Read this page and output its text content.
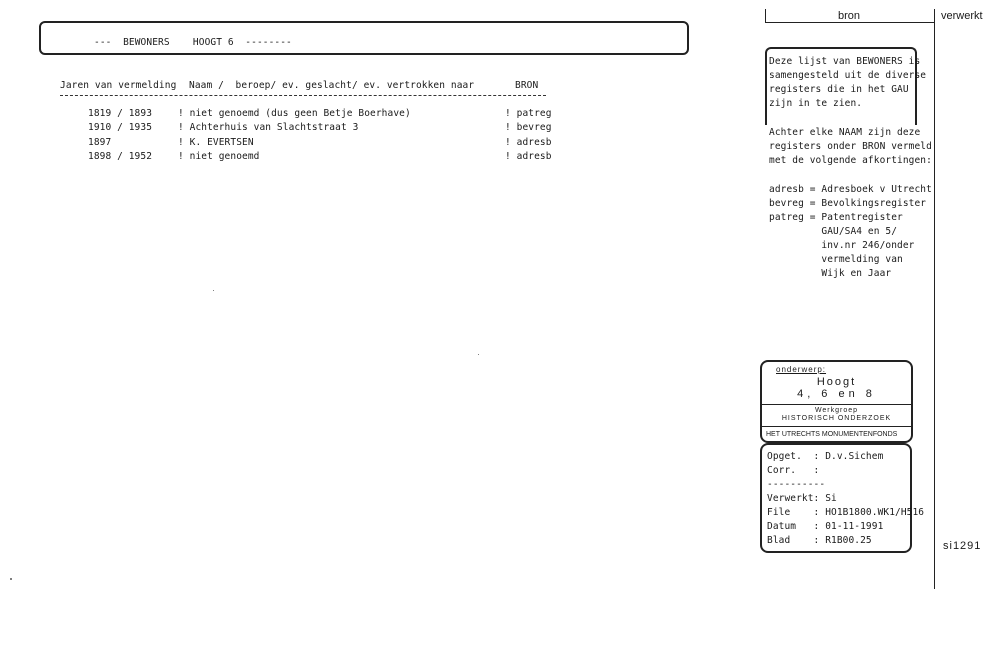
---  BEWONERS    HOOGT 6  --------
Jaren van vermelding Naam /  beroep/ ev. geslacht/ ev. vertrokken naar	BRON
1819 / 1893	! niet genoemd (dus geen Betje Boerhave)	! patreg
1910 / 1935	! Achterhuis van Slachtstraat 3	! bevreg
1897	! K. EVERTSEN	! adresb
1898 / 1952	! niet genoemd	! adresb
bron	verwerkt
Deze lijst van BEWONERS is
samengesteld uit de diverse
registers die in het GAU
zijn in te zien.
Achter elke NAAM zijn deze
registers onder BRON vermeld
met de volgende afkortingen:
adresb = Adresboek v Utrecht
bevreg = Bevolkingsregister
patreg = Patentregister
GAU/SA4 en 5/
inv.nr 246/onder
vermelding van
Wijk en Jaar
onderwerp:
Hoogt
4, 6 en 8
Werkgroep
HISTORISCH ONDERZOEK
HET UTRECHTS MONUMENTENFONDS
Opget.  : D.v.Sichem
Corr.   :
----------
Verwerkt: Si
File    : HO1B1800.WK1/H516
Datum   : 01-11-1991
Blad    : R1B00.25	si1291
